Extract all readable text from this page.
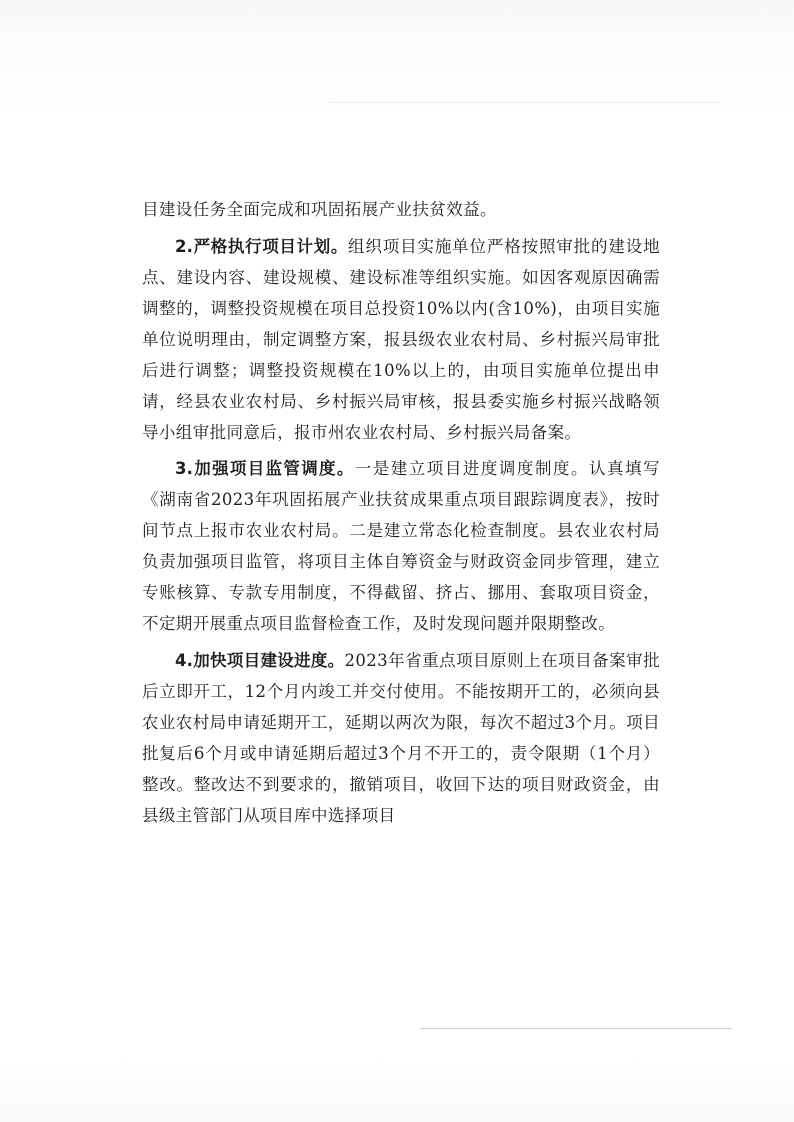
目建设任务全面完成和巩固拓展产业扶贫效益。

2.严格执行项目计划。组织项目实施单位严格按照审批的建设地点、建设内容、建设规模、建设标准等组织实施。如因客观原因确需调整的，调整投资规模在项目总投资10%以内(含10%)，由项目实施单位说明理由，制定调整方案，报县级农业农村局、乡村振兴局审批后进行调整；调整投资规模在10%以上的，由项目实施单位提出申请，经县农业农村局、乡村振兴局审核，报县委实施乡村振兴战略领导小组审批同意后，报市州农业农村局、乡村振兴局备案。

3.加强项目监管调度。一是建立项目进度调度制度。认真填写《湖南省2023年巩固拓展产业扶贫成果重点项目跟踪调度表》，按时间节点上报市农业农村局。二是建立常态化检查制度。县农业农村局负责加强项目监管，将项目主体自筹资金与财政资金同步管理，建立专账核算、专款专用制度，不得截留、挤占、挪用、套取项目资金，不定期开展重点项目监督检查工作，及时发现问题并限期整改。

4.加快项目建设进度。2023年省重点项目原则上在项目备案审批后立即开工，12个月内竣工并交付使用。不能按期开工的，必须向县农业农村局申请延期开工，延期以两次为限，每次不超过3个月。项目批复后6个月或申请延期后超过3个月不开工的，责令限期（1个月）整改。整改达不到要求的，撤销项目，收回下达的项目财政资金，由县级主管部门从项目库中选择项目
